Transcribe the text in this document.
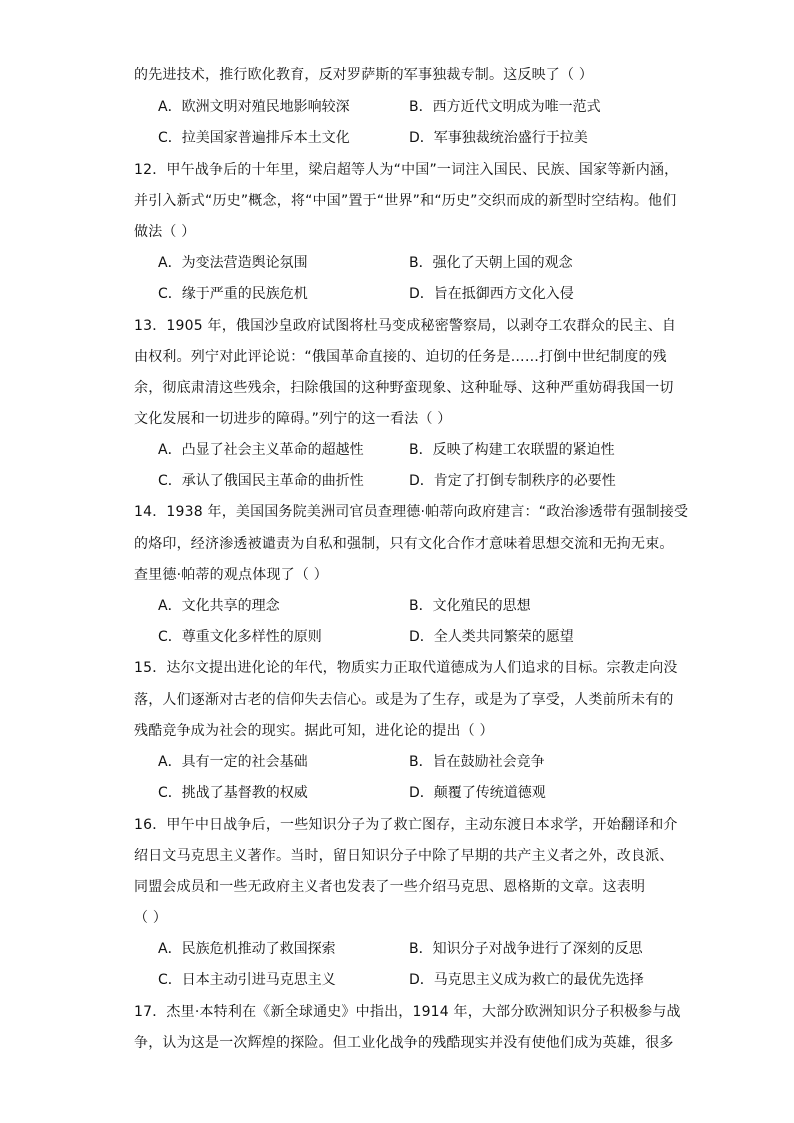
的先进技术，推行欧化教育，反对罗萨斯的军事独裁专制。这反映了（ ）
A．欧洲文明对殖民地影响较深	B．西方近代文明成为唯一范式
C．拉美国家普遍排斥本土文化	D．军事独裁统治盛行于拉美
12．甲午战争后的十年里，梁启超等人为“中国”一词注入国民、民族、国家等新内涵，
并引入新式“历史”概念，将“中国”置于“世界”和“历史”交织而成的新型时空结构。他们
做法（ ）
A．为变法营造舆论氛围	B．强化了天朝上国的观念
C．缘于严重的民族危机	D．旨在抵御西方文化入侵
13．1905 年，俄国沙皇政府试图将杜马变成秘密警察局，以剥夺工农群众的民主、自
由权利。列宁对此评论说：“俄国革命直接的、迫切的任务是……打倒中世纪制度的残
余，彻底肃清这些残余，扫除俄国的这种野蛮现象、这种耻辱、这种严重妨碍我国一切
文化发展和一切进步的障碍。”列宁的这一看法（ ）
A．凸显了社会主义革命的超越性	B．反映了构建工农联盟的紧迫性
C．承认了俄国民主革命的曲折性	D．肯定了打倒专制秩序的必要性
14．1938 年，美国国务院美洲司官员查理德·帕蒂向政府建言：“政治渗透带有强制接受
的烙印，经济渗透被谴责为自私和强制，只有文化合作才意味着思想交流和无拘无束。
查里德·帕蒂的观点体现了（ ）
A．文化共享的理念	B．文化殖民的思想
C．尊重文化多样性的原则	D．全人类共同繁荣的愿望
15．达尔文提出进化论的年代，物质实力正取代道德成为人们追求的目标。宗教走向没
落，人们逐渐对古老的信仰失去信心。或是为了生存，或是为了享受，人类前所未有的
残酷竞争成为社会的现实。据此可知，进化论的提出（ ）
A．具有一定的社会基础	B．旨在鼓励社会竞争
C．挑战了基督教的权威	D．颠覆了传统道德观
16．甲午中日战争后，一些知识分子为了救亡图存，主动东渡日本求学，开始翻译和介
绍日文马克思主义著作。当时，留日知识分子中除了早期的共产主义者之外，改良派、
同盟会成员和一些无政府主义者也发表了一些介绍马克思、恩格斯的文章。这表明
（ ）
A．民族危机推动了救国探索	B．知识分子对战争进行了深刻的反思
C．日本主动引进马克思主义	D．马克思主义成为救亡的最优先选择
17．杰里·本特利在《新全球通史》中指出，1914 年，大部分欧洲知识分子积极参与战
争，认为这是一次辉煌的探险。但工业化战争的残酷现实并没有使他们成为英雄，很多
